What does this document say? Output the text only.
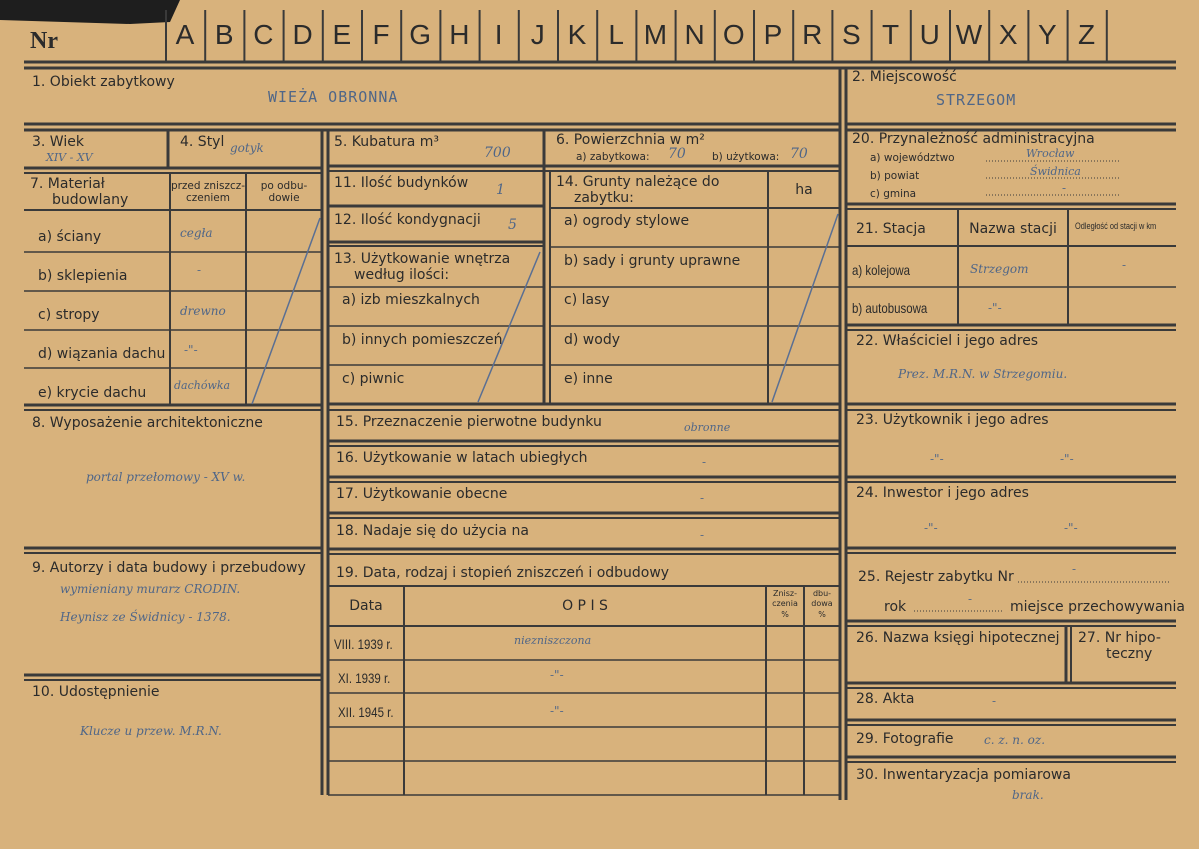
Nr	A B C D E F G H I	J K L M N O P R S T U W X Y Z
1. Obiekt zabytkowy
WIEŻA OBRONNA
2. Miejscowość
STRZEGOM
3. Wiek
XIV - XV
4. Styl gotyk	5. Kubatura m³
700
6. Powierzchnia w m²
a) zabytkowa: 70 b) użytkowa: 70
7. Materiał
budowlany
przed zniszcz-
czeniem
po odbu-
dowie
a) ściany	cegła
b) sklepienia	-
c) stropy	drewno
d) wiązania dachu -"-
e) krycie dachu	dachówka
8. Wyposażenie architektoniczne
portal przełomowy - XV w.
9. Autorzy i data budowy i przebudowy
wymieniany murarz CRODIN.
Heynisz ze Świdnicy - 1378.
10. Udostępnienie
Klucze u przew. M.R.N.
11. Ilość budynków 1
12. Ilość kondygnacji 5
13. Użytkowanie wnętrza
według ilości:
a) izb mieszkalnych
b) innych pomieszczeń
c) piwnic
14. Grunty należące do
zabytku:	ha
a) ogrody stylowe
b) sady i grunty uprawne
c) lasy
d) wody
e) inne
15. Przeznaczenie pierwotne budynku	obronne
16. Użytkowanie w latach ubiegłych	-
17. Użytkowanie obecne	-
18. Nadaje się do użycia na	-
19. Data, rodzaj i stopień zniszczeń i odbudowy
Data	O P I S
Znisz-
czenia
%
dbu-
dowa
%
VIII. 1939 r.	niezniszczona
XI. 1939 r.	-"-
XII. 1945 r.	-"-
20. Przynależność administracyjna
a) województwo	Wrocław
b) powiat	Świdnica
c) gmina	-
21. Stacja	Nazwa stacji	Odległość od stacji w km
a) kolejowa	Strzegom	-
b) autobusowa	-"-
22. Właściciel i jego adres
Prez. M.R.N. w Strzegomiu.
23. Użytkownik i jego adres
-"-	-"-
24. Inwestor i jego adres
-"-	-"-
25. Rejestr zabytku Nr	-
rok	-	miejsce przechowywania
26. Nazwa księgi hipotecznej 27. Nr hipo-
teczny
28. Akta	-
29. Fotografie	c. z. n. oz.
30. Inwentaryzacja pomiarowa
brak.
